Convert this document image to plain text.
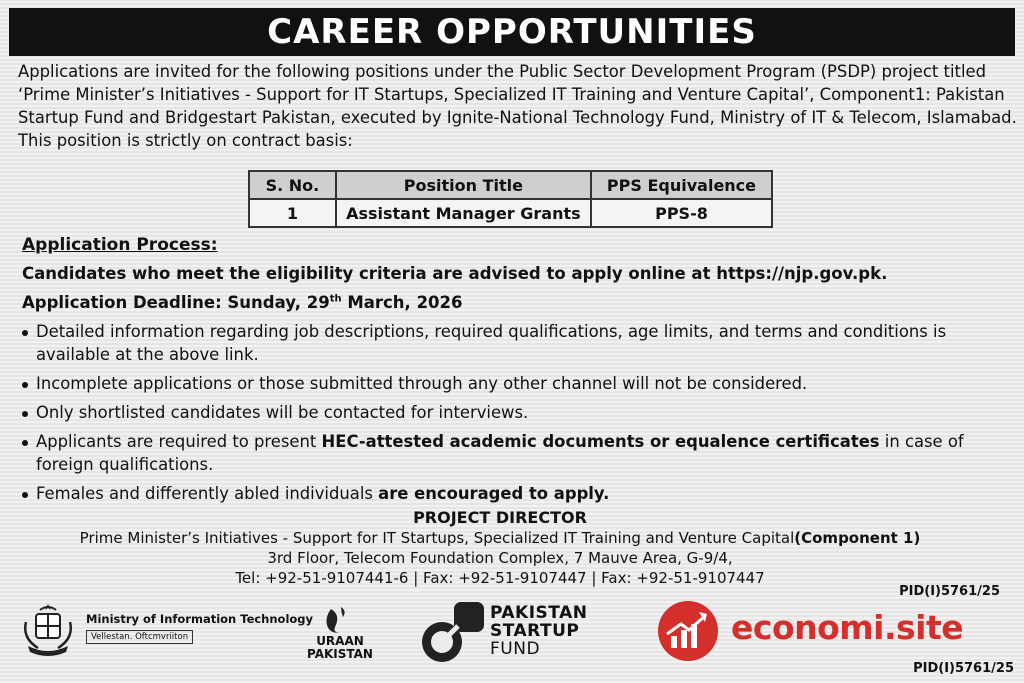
CAREER OPPORTUNITIES
Applications are invited for the following positions under the Public Sector Development Program (PSDP) project titled
‘Prime Minister’s Initiatives - Support for IT Startups, Specialized IT Training and Venture Capital’, Component1: Pakistan
Startup Fund and Bridgestart Pakistan, executed by Ignite-National Technology Fund, Ministry of IT & Telecom, Islamabad.
This position is strictly on contract basis:
S. No.	Position Title	PPS Equivalence
1	Assistant Manager Grants	PPS-8
Application Process:
Candidates who meet the eligibility criteria are advised to apply online at https://njp.gov.pk.
Application Deadline: Sunday, 29th March, 2026
Detailed information regarding job descriptions, required qualifications, age limits, and terms and conditions is available at the above link.
Incomplete applications or those submitted through any other channel will not be considered.
Only shortlisted candidates will be contacted for interviews.
Applicants are required to present HEC-attested academic documents or equalence certificates in case of foreign qualifications.
Females and differently abled individuals are encouraged to apply.
PROJECT DIRECTOR
Prime Minister’s Initiatives - Support for IT Startups, Specialized IT Training and Venture Capital(Component 1)
3rd Floor, Telecom Foundation Complex, 7 Mauve Area, G-9/4,
Tel: +92-51-9107441-6 | Fax: +92-51-9107447 | Fax: +92-51-9107447
PID(I)5761/25
Ministry of Information Technology
Vellestan. Oftcmvriiton	URAAN
PAKISTAN
PAKISTAN
STARTUP
FUND
economi.site
PID(I)5761/25
